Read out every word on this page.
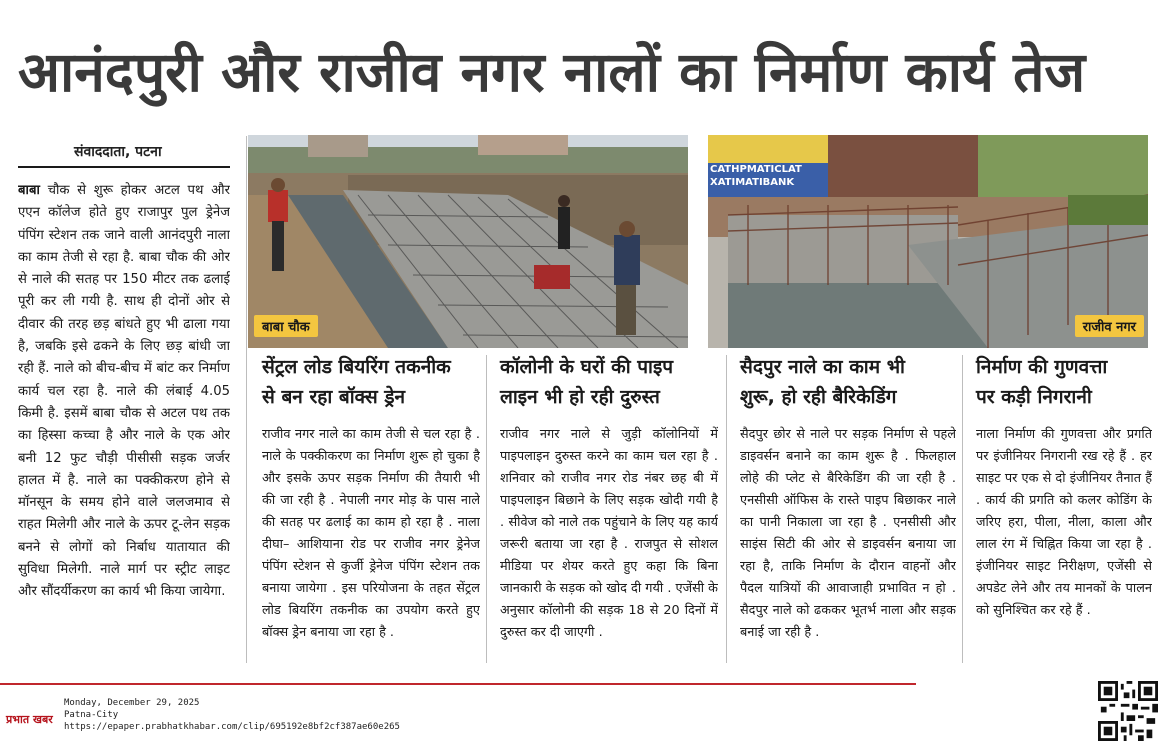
आनंदपुरी और राजीव नगर नालों का निर्माण कार्य तेज
संवाददाता, पटना
बाबा चौक से शुरू होकर अटल पथ और एएन कॉलेज होते हुए राजापुर पुल ड्रेनेज पंपिंग स्टेशन तक जाने वाली आनंदपुरी नाला का काम तेजी से रहा है. बाबा चौक की ओर से नाले की सतह पर 150 मीटर तक ढलाई पूरी कर ली गयी है. साथ ही दोनों ओर से दीवार की तरह छड़ बांधते हुए भी ढाला गया है, जबकि इसे ढकने के लिए छड़ बांधी जा रही हैं. नाले को बीच-बीच में बांट कर निर्माण कार्य चल रहा है. नाले की लंबाई 4.05 किमी है. इसमें बाबा चौक से अटल पथ तक का हिस्सा कच्चा है और नाले के एक ओर बनी 12 फुट चौड़ी पीसीसी सड़क जर्जर हालत में है. नाले का पक्कीकरण होने से मॉनसून के समय होने वाले जलजमाव से राहत मिलेगी और नाले के ऊपर टू-लेन सड़क बनने से लोगों को निर्बाध यातायात की सुविधा मिलेगी. नाले मार्ग पर स्ट्रीट लाइट और सौंदर्यीकरण का कार्य भी किया जायेगा.
बाबा चौक
CATHPMATICLAT
XATIMATIBANK
राजीव नगर
सेंट्रल लोड बियरिंग तकनीक
से बन रहा बॉक्स ड्रेन
राजीव नगर नाले का काम तेजी से चल रहा है . नाले के पक्कीकरण का निर्माण शुरू हो चुका है और इसके ऊपर सड़क निर्माण की तैयारी भी की जा रही है . नेपाली नगर मोड़ के पास नाले की सतह पर ढलाई का काम हो रहा है . नाला दीघा– आशियाना रोड पर राजीव नगर ड्रेनेज पंपिंग स्टेशन से कुर्जी ड्रेनेज पंपिंग स्टेशन तक बनाया जायेगा . इस परियोजना के तहत सेंट्रल लोड बियरिंग तकनीक का उपयोग करते हुए बॉक्स ड्रेन बनाया जा रहा है .
कॉलोनी के घरों की पाइप
लाइन भी हो रही दुरुस्त
राजीव नगर नाले से जुड़ी कॉलोनियों में पाइपलाइन दुरुस्त करने का काम चल रहा है . शनिवार को राजीव नगर रोड नंबर छह बी में पाइपलाइन बिछाने के लिए सड़क खोदी गयी है . सीवेज को नाले तक पहुंचाने के लिए यह कार्य जरूरी बताया जा रहा है . राजपुत से सोशल मीडिया पर शेयर करते हुए कहा कि बिना जानकारी के सड़क को खोद दी गयी . एजेंसी के अनुसार कॉलोनी की सड़क 18 से 20 दिनों में दुरुस्त कर दी जाएगी .
सैदपुर नाले का काम भी
शुरू, हो रही बैरिकेडिंग
सैदपुर छोर से नाले पर सड़क निर्माण से पहले डाइवर्सन बनाने का काम शुरू है . फिलहाल लोहे की प्लेट से बैरिकेडिंग की जा रही है . एनसीसी ऑफिस के रास्ते पाइप बिछाकर नाले का पानी निकाला जा रहा है . एनसीसी और साइंस सिटी की ओर से डाइवर्सन बनाया जा रहा है, ताकि निर्माण के दौरान वाहनों और पैदल यात्रियों की आवाजाही प्रभावित न हो . सैदपुर नाले को ढककर भूतर्भ नाला और सड़क बनाई जा रही है .
निर्माण की गुणवत्ता
पर कड़ी निगरानी
नाला निर्माण की गुणवत्ता और प्रगति पर इंजीनियर निगरानी रख रहे हैं . हर साइट पर एक से दो इंजीनियर तैनात हैं . कार्य की प्रगति को कलर कोडिंग के जरिए हरा, पीला, नीला, काला और लाल रंग में चिह्नित किया जा रहा है . इंजीनियर साइट निरीक्षण, एजेंसी से अपडेट लेने और तय मानकों के पालन को सुनिश्चित कर रहे हैं .
प्रभात खबर
Monday, December 29, 2025
Patna-City
https://epaper.prabhatkhabar.com/clip/695192e8bf2cf387ae60e265
